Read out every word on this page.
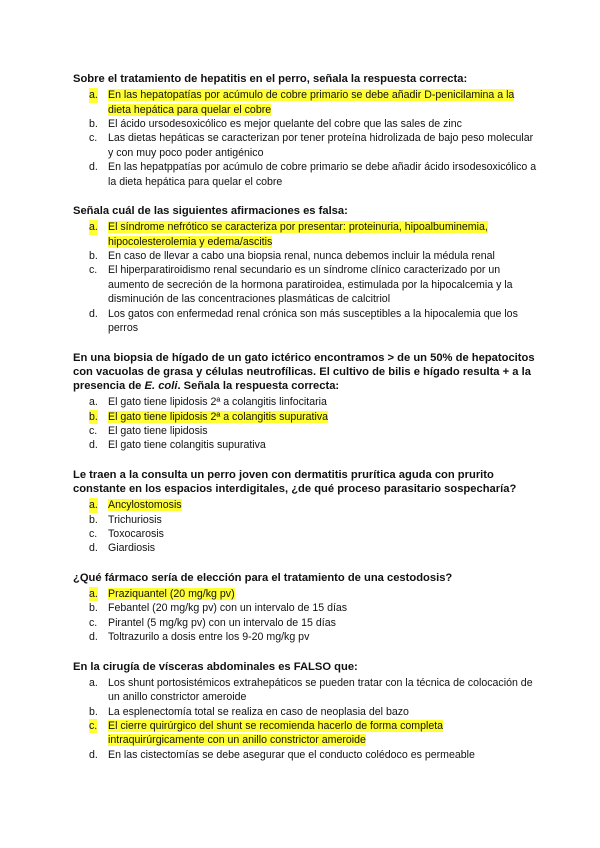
Sobre el tratamiento de hepatitis en el perro, señala la respuesta correcta:

a. En las hepatopatías por acúmulo de cobre primario se debe añadir D-penicilamina a la dieta hepática para quelar el cobre
b. El ácido ursodesoxicólico es mejor quelante del cobre que las sales de zinc
c. Las dietas hepáticas se caracterizan por tener proteína hidrolizada de bajo peso molecular y con muy poco poder antigénico
d. En las hepatppatías por acúmulo de cobre primario se debe añadir ácido irsodesoxicólico a la dieta hepática para quelar el cobre

Señala cuál de las siguientes afirmaciones es falsa:

a. El síndrome nefrótico se caracteriza por presentar: proteinuria, hipoalbuminemia, hipocolesterolemia y edema/ascitis
b. En caso de llevar a cabo una biopsia renal, nunca debemos incluir la médula renal
c. El hiperparatiroidismo renal secundario es un síndrome clínico caracterizado por un aumento de secreción de la hormona paratiroidea, estimulada por la hipocalcemia y la disminución de las concentraciones plasmáticas de calcitriol
d. Los gatos con enfermedad renal crónica son más susceptibles a la hipocalemia que los perros

En una biopsia de hígado de un gato ictérico encontramos > de un 50% de hepatocitos con vacuolas de grasa y células neutrofílicas. El cultivo de bilis e hígado resulta + a la presencia de E. coli. Señala la respuesta correcta:

a. El gato tiene lipidosis 2ª a colangitis linfocitaria
b. El gato tiene lipidosis 2ª a colangitis supurativa
c. El gato tiene lipidosis
d. El gato tiene colangitis supurativa

Le traen a la consulta un perro joven con dermatitis prurítica aguda con prurito constante en los espacios interdigitales, ¿de qué proceso parasitario sospecharía?

a. Ancylostomosis
b. Trichuriosis
c. Toxocarosis
d. Giardiosis

¿Qué fármaco sería de elección para el tratamiento de una cestodosis?

a. Praziquantel (20 mg/kg pv)
b. Febantel (20 mg/kg pv) con un intervalo de 15 días
c. Pirantel (5 mg/kg pv) con un intervalo de 15 días
d. Toltrazurilo a dosis entre los 9-20 mg/kg pv

En la cirugía de vísceras abdominales es FALSO que:

a. Los shunt portosistémicos extrahepáticos se pueden tratar con la técnica de colocación de un anillo constrictor ameroide
b. La esplenectomía total se realiza en caso de neoplasia del bazo
c. El cierre quirúrgico del shunt se recomienda hacerlo de forma completa intraquirúrgicamente con un anillo constrictor ameroide
d. En las cistectomías se debe asegurar que el conducto colédoco es permeable
